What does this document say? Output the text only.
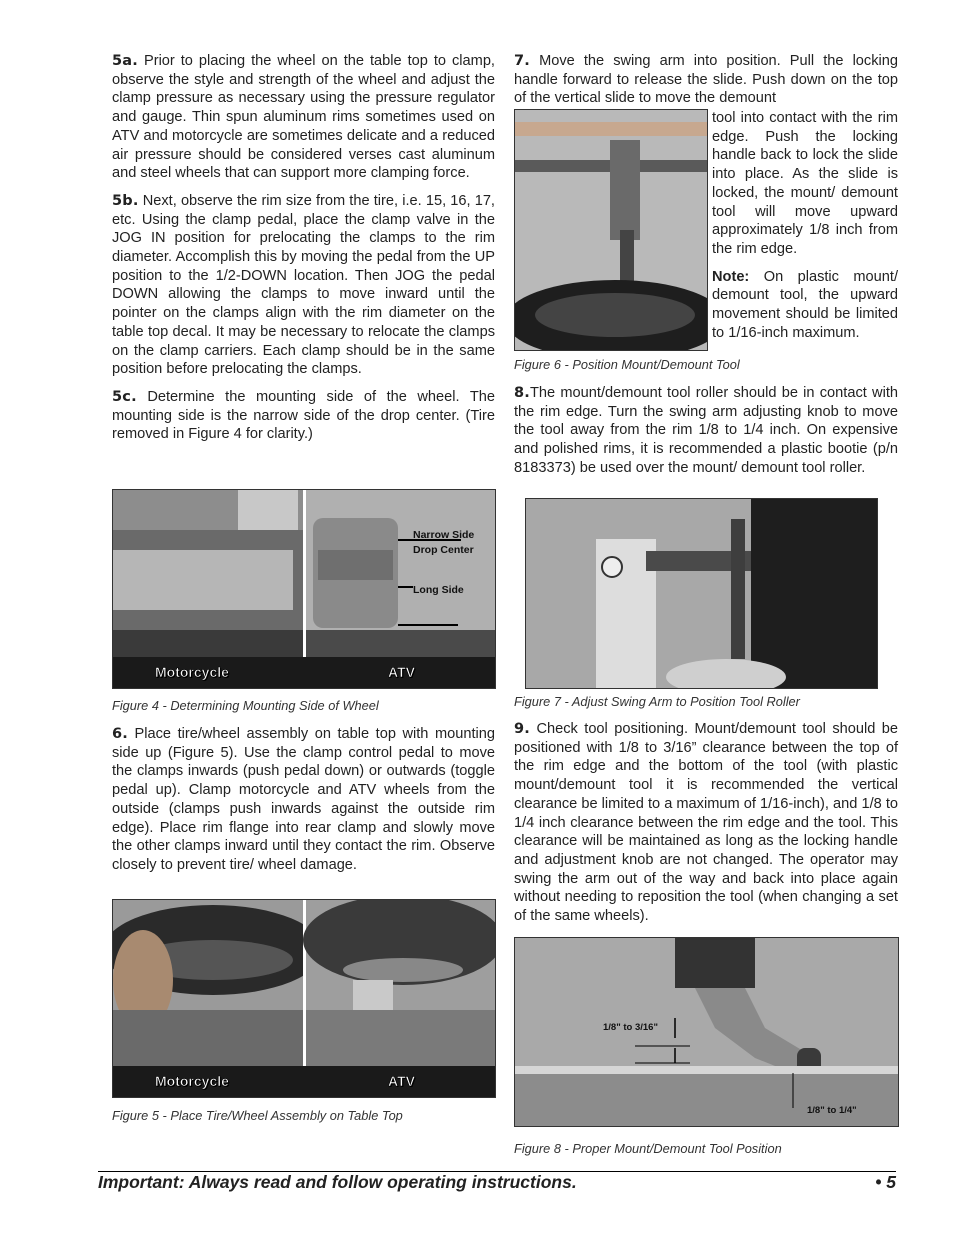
5a. Prior to placing the wheel on the table top to clamp, observe the style and strength of the wheel and adjust the clamp pressure as necessary using the pressure regulator and gauge. Thin spun aluminum rims sometimes used on ATV and motorcycle are sometimes delicate and a reduced air pressure should be considered verses cast aluminum and steel wheels that can support more clamping force.

5b. Next, observe the rim size from the tire, i.e. 15, 16, 17, etc. Using the clamp pedal, place the clamp valve in the JOG IN position for prelocating the clamps to the rim diameter. Accomplish this by moving the pedal from the UP position to the 1/2-DOWN location. Then JOG the pedal DOWN allowing the clamps to move inward until the pointer on the clamps align with the rim diameter on the table top decal. It may be necessary to relocate the clamps on the clamp carriers. Each clamp should be in the same position before prelocating the clamps.

5c. Determine the mounting side of the wheel. The mounting side is the narrow side of the drop center. (Tire removed in Figure 4 for clarity.)

Narrow Side
Drop Center
Long Side
Motorcycle	ATV
Figure 4 - Determining Mounting Side of Wheel

6. Place tire/wheel assembly on table top with mounting side up (Figure 5). Use the clamp control pedal to move the clamps inwards (push pedal down) or outwards (toggle pedal up). Clamp motorcycle and ATV wheels from the outside (clamps push inwards against the outside rim edge). Place rim flange into rear clamp and slowly move the other clamps inward until they contact the rim. Observe closely to prevent tire/ wheel damage.

Motorcycle	ATV
Figure 5 - Place Tire/Wheel Assembly on Table Top

7. Move the swing arm into position. Pull the locking handle forward to release the slide. Push down on the top of the vertical slide to move the demount

tool into contact with the rim edge. Push the locking handle back to lock the slide into place. As the slide is locked, the mount/ demount tool will move upward approximately 1/8 inch from the rim edge.

Note: On plastic mount/ demount tool, the upward movement should be limited to 1/16-inch maximum.

Figure 6 - Position Mount/Demount Tool

8.The mount/demount tool roller should be in contact with the rim edge. Turn the swing arm adjusting knob to move the tool away from the rim 1/8 to 1/4 inch. On expensive and polished rims, it is recommended a plastic bootie (p/n 8183373) be used over the mount/ demount tool roller.

Figure 7 - Adjust Swing Arm to Position Tool Roller

9. Check tool positioning. Mount/demount tool should be positioned with 1/8 to 3/16” clearance between the top of the rim edge and the bottom of the tool (with plastic mount/demount tool it is recommended the vertical clearance be limited to a maximum of 1/16-inch), and 1/8 to 1/4 inch clearance between the rim edge and the tool. This clearance will be maintained as long as the locking handle and adjustment knob are not changed. The operator may swing the arm out of the way and back into place again without needing to reposition the tool (when changing a set of the same wheels).

1/8" to 3/16"
1/8" to 1/4"
Figure 8 - Proper Mount/Demount Tool Position
Important: Always read and follow operating instructions.	• 5
